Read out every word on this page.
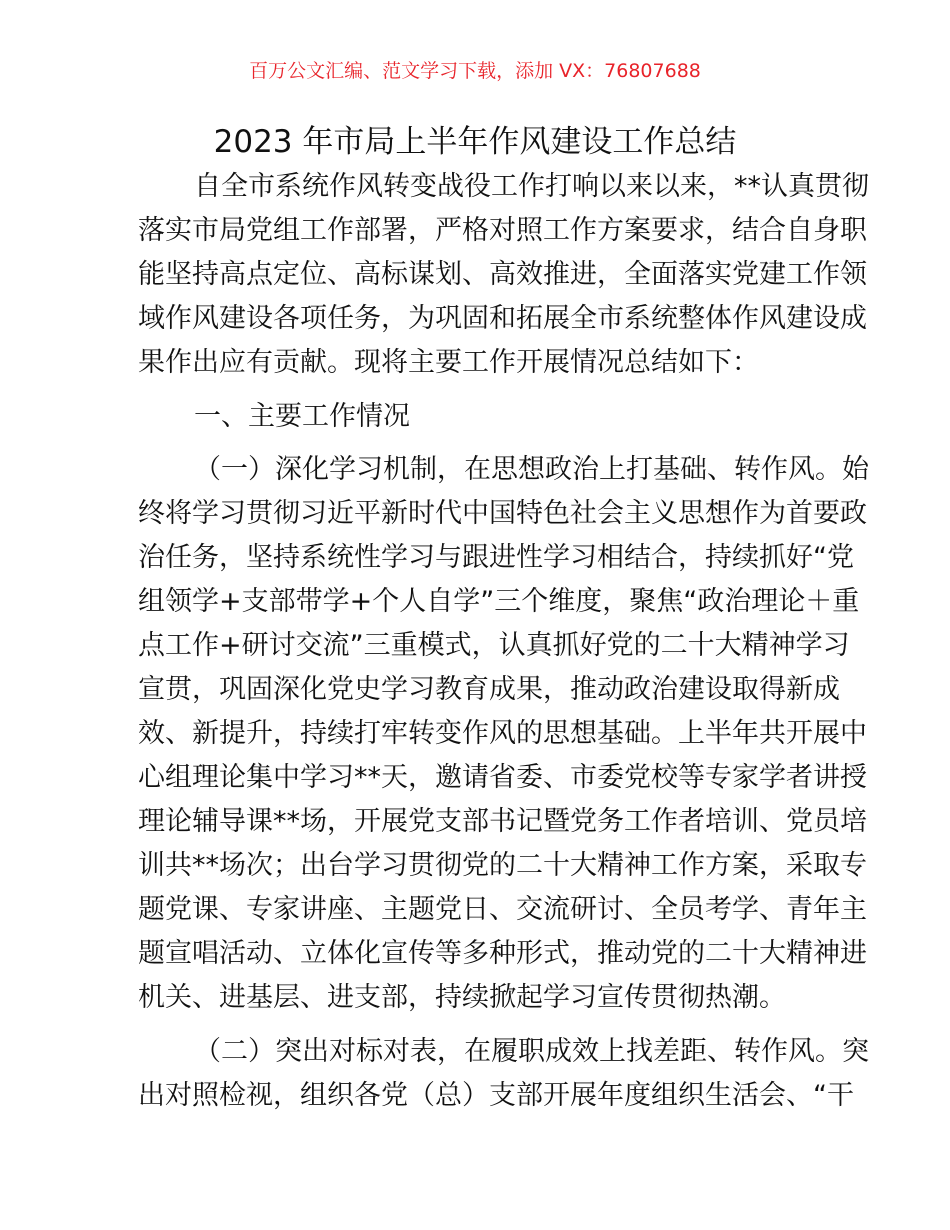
百万公文汇编、范文学习下载，添加 VX：76807688
2023 年市局上半年作风建设工作总结
自全市系统作风转变战役工作打响以来以来，**认真贯彻
落实市局党组工作部署，严格对照工作方案要求，结合自身职
能坚持高点定位、高标谋划、高效推进，全面落实党建工作领
域作风建设各项任务，为巩固和拓展全市系统整体作风建设成
果作出应有贡献。现将主要工作开展情况总结如下：
一、主要工作情况
（一）深化学习机制，在思想政治上打基础、转作风。始
终将学习贯彻习近平新时代中国特色社会主义思想作为首要政
治任务，坚持系统性学习与跟进性学习相结合，持续抓好“党
组领学+支部带学+个人自学”三个维度，聚焦“政治理论＋重
点工作+研讨交流”三重模式，认真抓好党的二十大精神学习
宣贯，巩固深化党史学习教育成果，推动政治建设取得新成
效、新提升，持续打牢转变作风的思想基础。上半年共开展中
心组理论集中学习**天，邀请省委、市委党校等专家学者讲授
理论辅导课**场，开展党支部书记暨党务工作者培训、党员培
训共**场次；出台学习贯彻党的二十大精神工作方案，采取专
题党课、专家讲座、主题党日、交流研讨、全员考学、青年主
题宣唱活动、立体化宣传等多种形式，推动党的二十大精神进
机关、进基层、进支部，持续掀起学习宣传贯彻热潮。
（二）突出对标对表，在履职成效上找差距、转作风。突
出对照检视，组织各党（总）支部开展年度组织生活会、“干
